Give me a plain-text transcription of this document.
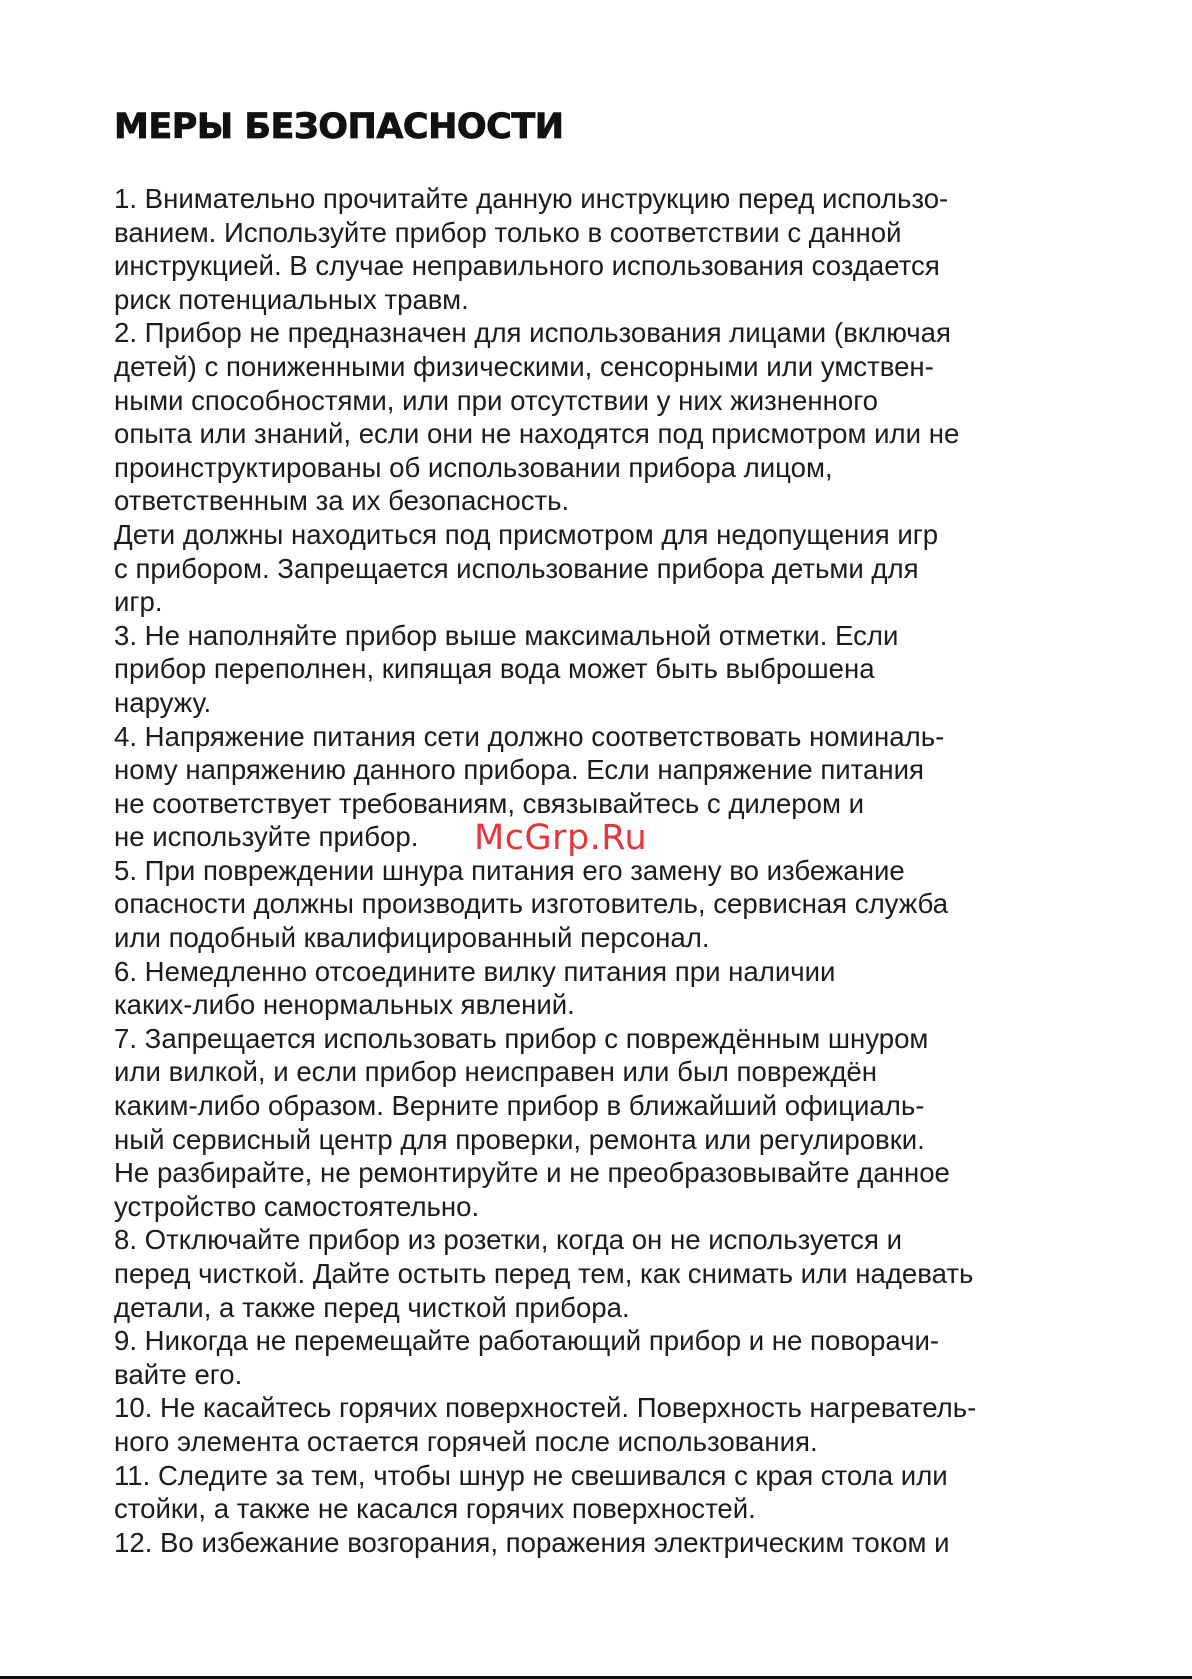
МЕРЫ БЕЗОПАСНОСТИ
1. Внимательно прочитайте данную инструкцию перед использо-
ванием. Используйте прибор только в соответствии с данной
инструкцией. В случае неправильного использования создается
риск потенциальных травм.
2. Прибор не предназначен для использования лицами (включая
детей) с пониженными физическими, сенсорными или умствен-
ными способностями, или при отсутствии у них жизненного
опыта или знаний, если они не находятся под присмотром или не
проинструктированы об использовании прибора лицом,
ответственным за их безопасность.
Дети должны находиться под присмотром для недопущения игр
с прибором. Запрещается использование прибора детьми для
игр.
3. Не наполняйте прибор выше максимальной отметки. Если
прибор переполнен, кипящая вода может быть выброшена
наружу.
4. Напряжение питания сети должно соответствовать номиналь-
ному напряжению данного прибора. Если напряжение питания
не соответствует требованиям, связывайтесь с дилером и
не используйте прибор.
5. При повреждении шнура питания его замену во избежание
опасности должны производить изготовитель, сервисная служба
или подобный квалифицированный персонал.
6. Немедленно отсоедините вилку питания при наличии
каких-либо ненормальных явлений.
7. Запрещается использовать прибор с повреждённым шнуром
или вилкой, и если прибор неисправен или был повреждён
каким-либо образом. Верните прибор в ближайший официаль-
ный сервисный центр для проверки, ремонта или регулировки.
Не разбирайте, не ремонтируйте и не преобразовывайте данное
устройство самостоятельно.
8. Отключайте прибор из розетки, когда он не используется и
перед чисткой. Дайте остыть перед тем, как снимать или надевать
детали, а также перед чисткой прибора.
9. Никогда не перемещайте работающий прибор и не поворачи-
вайте его.
10. Не касайтесь горячих поверхностей. Поверхность нагреватель-
ного элемента остается горячей после использования.
11. Следите за тем, чтобы шнур не свешивался с края стола или
стойки, а также не касался горячих поверхностей.
12. Во избежание возгорания, поражения электрическим током и
McGrp.Ru
